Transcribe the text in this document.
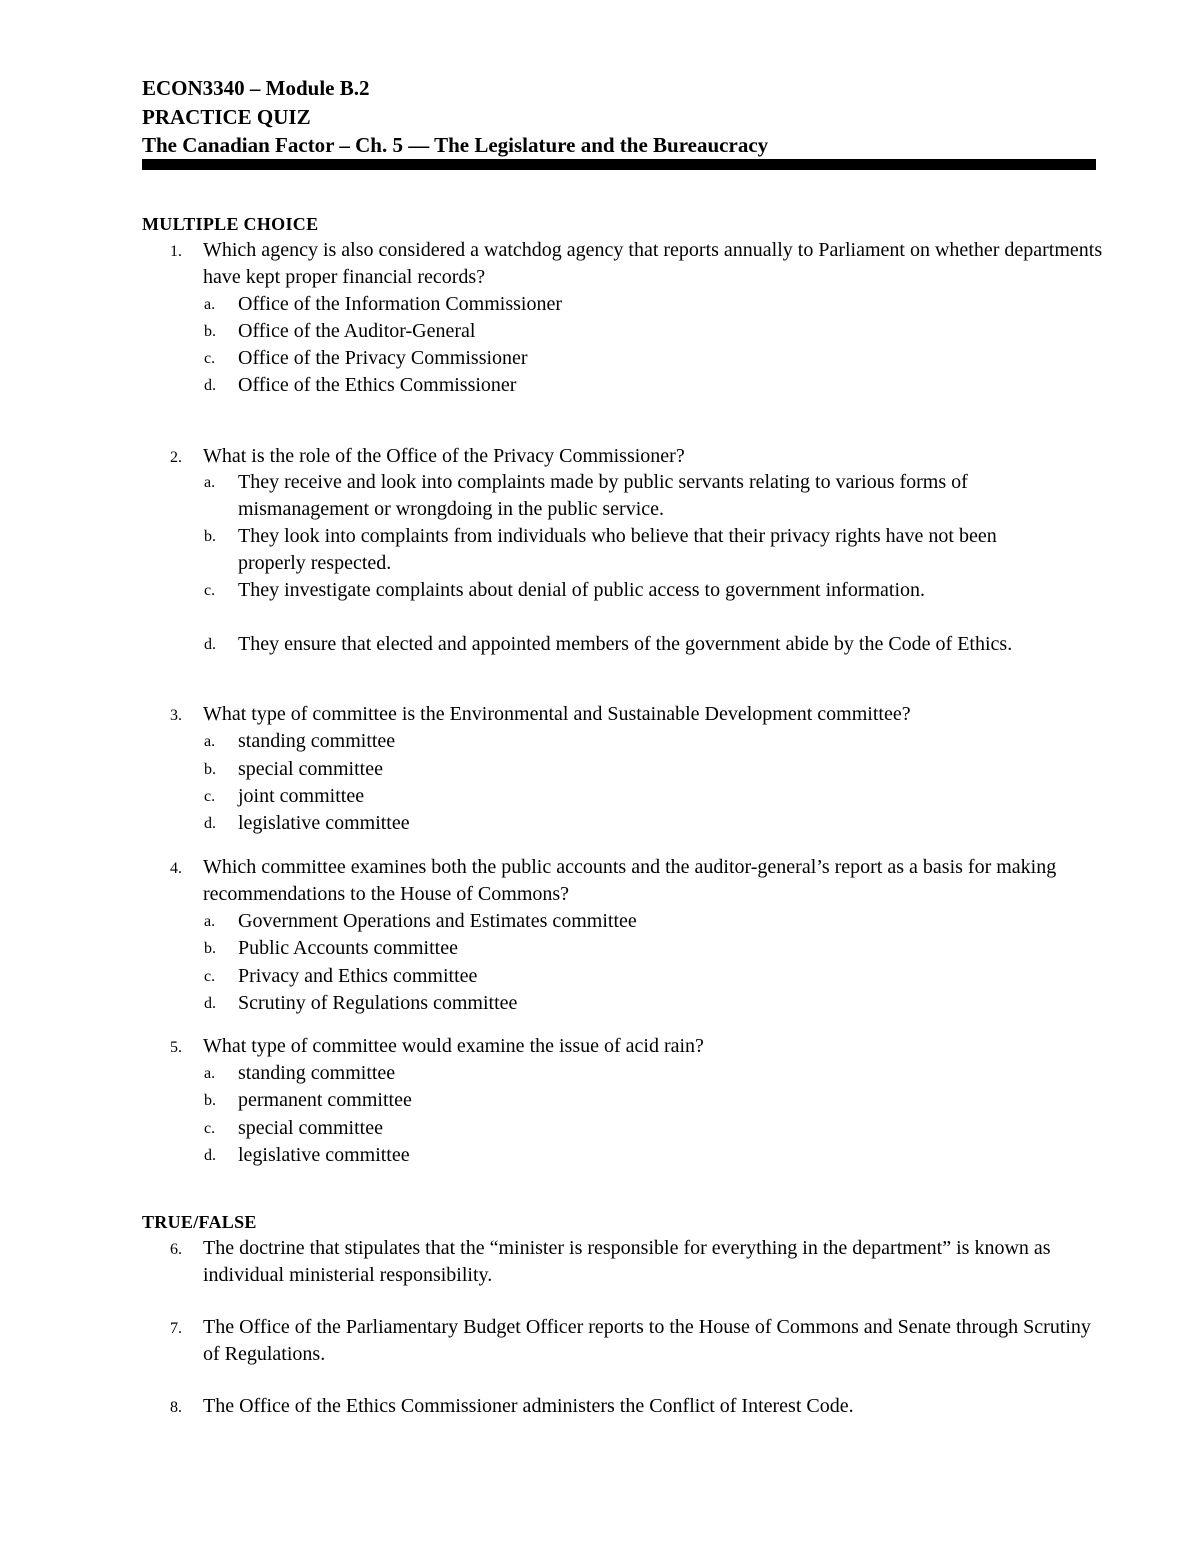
ECON3340 – Module B.2
PRACTICE QUIZ
The Canadian Factor – Ch. 5 — The Legislature and the Bureaucracy
MULTIPLE CHOICE
1.	Which agency is also considered a watchdog agency that reports annually to Parliament on whether departments have kept proper financial records?
a.	Office of the Information Commissioner
b.	Office of the Auditor-General
c.	Office of the Privacy Commissioner
d.	Office of the Ethics Commissioner
2.	What is the role of the Office of the Privacy Commissioner?
a.	They receive and look into complaints made by public servants relating to various forms of mismanagement or wrongdoing in the public service.
b.	They look into complaints from individuals who believe that their privacy rights have not been properly respected.
c.	They investigate complaints about denial of public access to government information.
d.	They ensure that elected and appointed members of the government abide by the Code of Ethics.
3.	What type of committee is the Environmental and Sustainable Development committee?
a.	standing committee
b.	special committee
c.	joint committee
d.	legislative committee
4.	Which committee examines both the public accounts and the auditor-general’s report as a basis for making recommendations to the House of Commons?
a.	Government Operations and Estimates committee
b.	Public Accounts committee
c.	Privacy and Ethics committee
d.	Scrutiny of Regulations committee
5.	What type of committee would examine the issue of acid rain?
a.	standing committee
b.	permanent committee
c.	special committee
d.	legislative committee
TRUE/FALSE
6.	The doctrine that stipulates that the “minister is responsible for everything in the department” is known as individual ministerial responsibility.
7.	The Office of the Parliamentary Budget Officer reports to the House of Commons and Senate through Scrutiny of Regulations.
8.	The Office of the Ethics Commissioner administers the Conflict of Interest Code.
